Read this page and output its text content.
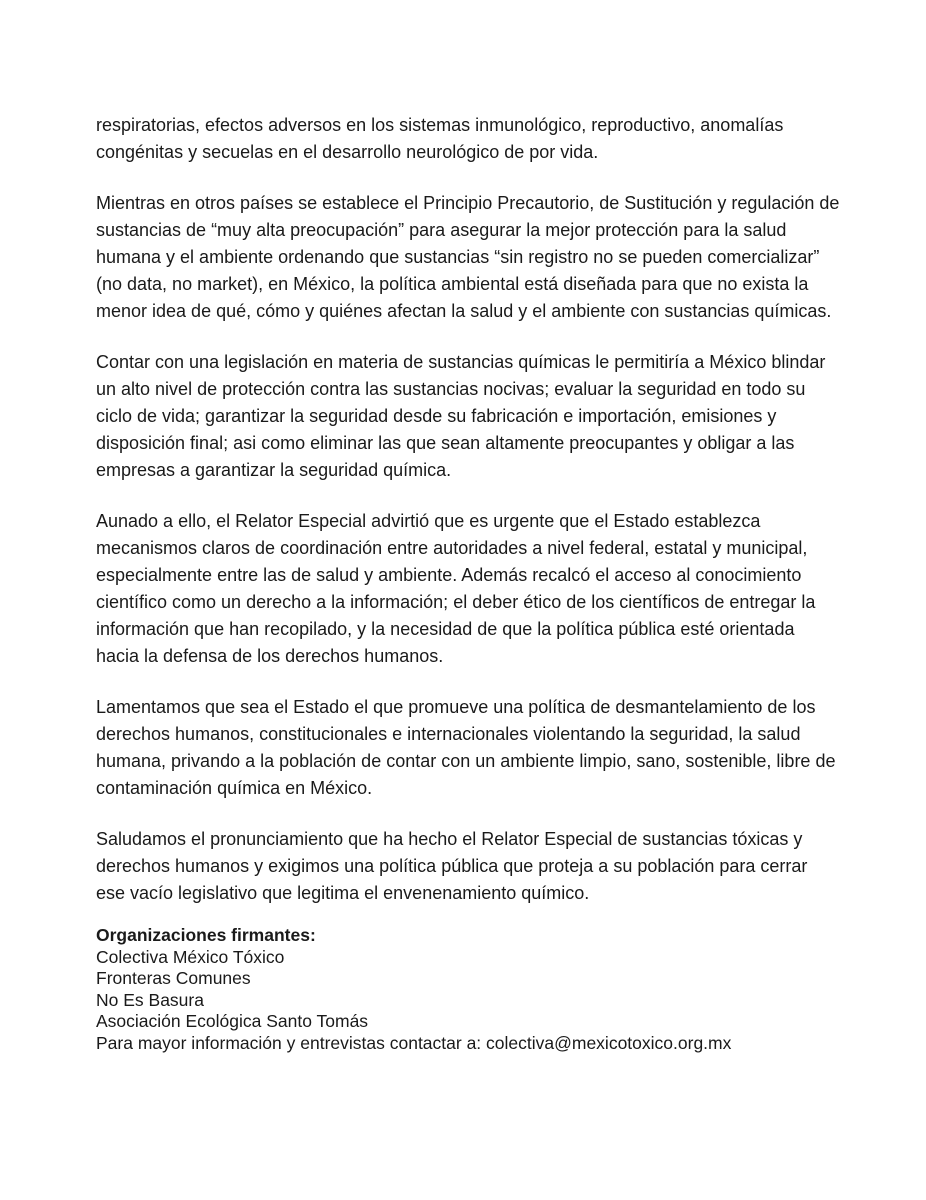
respiratorias, efectos adversos en los sistemas inmunológico, reproductivo, anomalías congénitas y secuelas en el desarrollo neurológico de por vida.

Mientras en otros países se establece el Principio Precautorio, de Sustitución y regulación de sustancias de “muy alta preocupación” para asegurar la mejor protección para la salud humana y el ambiente ordenando que sustancias “sin registro no se pueden comercializar” (no data, no market), en México, la política ambiental está diseñada para que no exista la menor idea de qué, cómo y quiénes afectan la salud y el ambiente con sustancias químicas.

Contar con una legislación en materia de sustancias químicas le permitiría a México blindar un alto nivel de protección contra las sustancias nocivas; evaluar la seguridad en todo su ciclo de vida; garantizar la seguridad desde su fabricación e importación, emisiones y disposición final; asi como eliminar las que sean altamente preocupantes y obligar a las empresas a garantizar la seguridad química.

Aunado a ello, el Relator Especial advirtió que es urgente que el Estado establezca mecanismos claros de coordinación entre autoridades a nivel federal, estatal y municipal, especialmente entre las de salud y ambiente. Además recalcó el acceso al conocimiento científico como un derecho a la información; el deber ético de los científicos de entregar la información que han recopilado, y la necesidad de que la política pública esté orientada hacia la defensa de los derechos humanos.

Lamentamos que sea el Estado el que promueve una política de desmantelamiento de los derechos humanos, constitucionales e internacionales violentando la seguridad, la salud humana, privando a la población de contar con un ambiente limpio, sano, sostenible, libre de contaminación química en México.

Saludamos el pronunciamiento que ha hecho el Relator Especial de sustancias tóxicas y derechos humanos y exigimos una política pública que proteja a su población para cerrar ese vacío legislativo que legitima el envenenamiento químico.

Organizaciones firmantes:
Colectiva México Tóxico
Fronteras Comunes
No Es Basura
Asociación Ecológica Santo Tomás
Para mayor información y entrevistas contactar a: colectiva@mexicotoxico.org.mx
